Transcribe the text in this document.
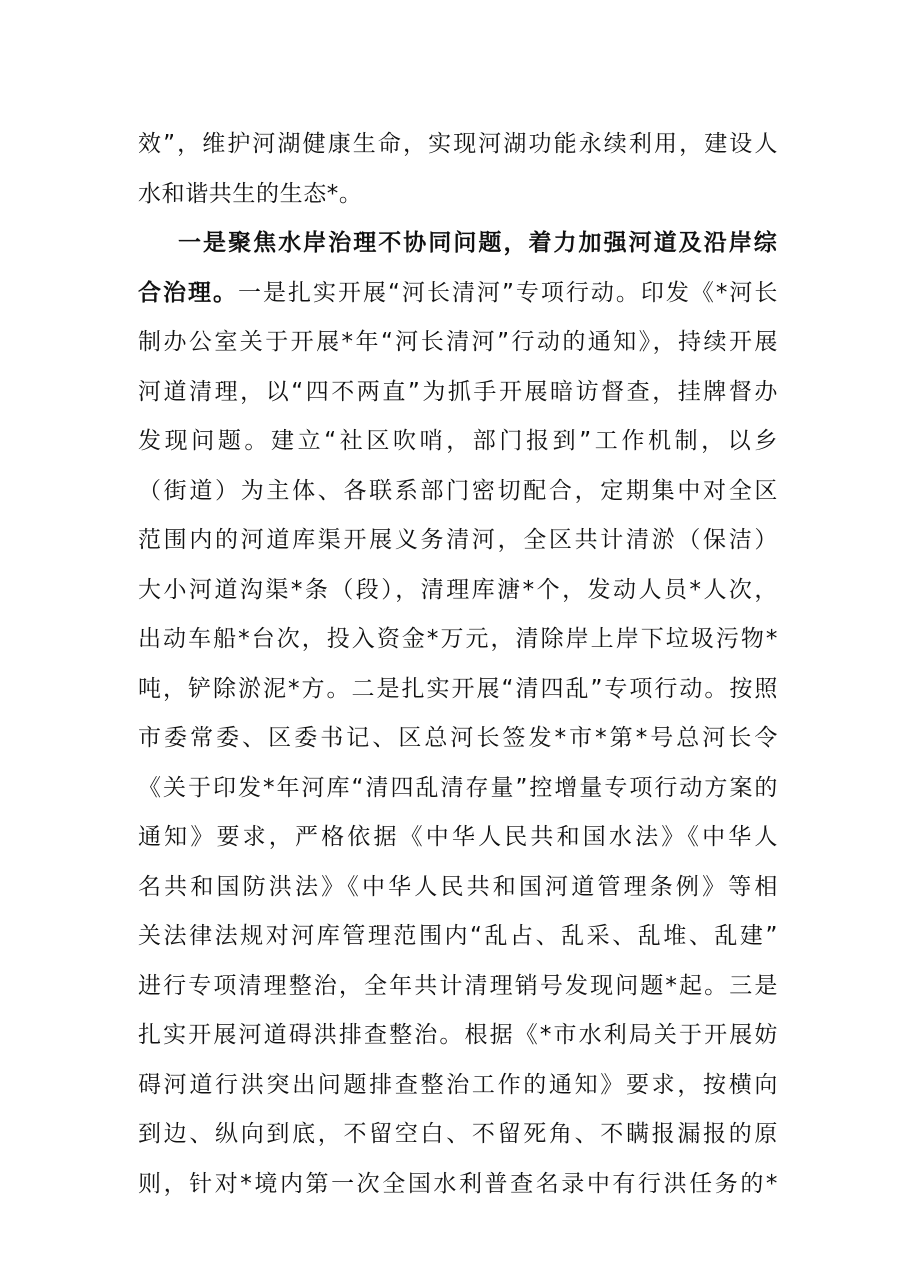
效”，维护河湖健康生命，实现河湖功能永续利用，建设人
水和谐共生的生态*。
一是聚焦水岸治理不协同问题，着力加强河道及沿岸综
合治理。一是扎实开展“河长清河”专项行动。印发《*河长
制办公室关于开展*年“河长清河”行动的通知》，持续开展
河道清理，以“四不两直”为抓手开展暗访督查，挂牌督办
发现问题。建立“社区吹哨，部门报到”工作机制，以乡
（街道）为主体、各联系部门密切配合，定期集中对全区
范围内的河道库渠开展义务清河，全区共计清淤（保洁）
大小河道沟渠*条（段），清理库溏*个，发动人员*人次，
出动车船*台次，投入资金*万元，清除岸上岸下垃圾污物*
吨，铲除淤泥*方。二是扎实开展“清四乱”专项行动。按照
市委常委、区委书记、区总河长签发*市*第*号总河长令
《关于印发*年河库“清四乱清存量”控增量专项行动方案的
通知》要求，严格依据《中华人民共和国水法》《中华人
名共和国防洪法》《中华人民共和国河道管理条例》等相
关法律法规对河库管理范围内“乱占、乱采、乱堆、乱建”
进行专项清理整治，全年共计清理销号发现问题*起。三是
扎实开展河道碍洪排查整治。根据《*市水利局关于开展妨
碍河道行洪突出问题排查整治工作的通知》要求，按横向
到边、纵向到底，不留空白、不留死角、不瞒报漏报的原
则，针对*境内第一次全国水利普查名录中有行洪任务的*
